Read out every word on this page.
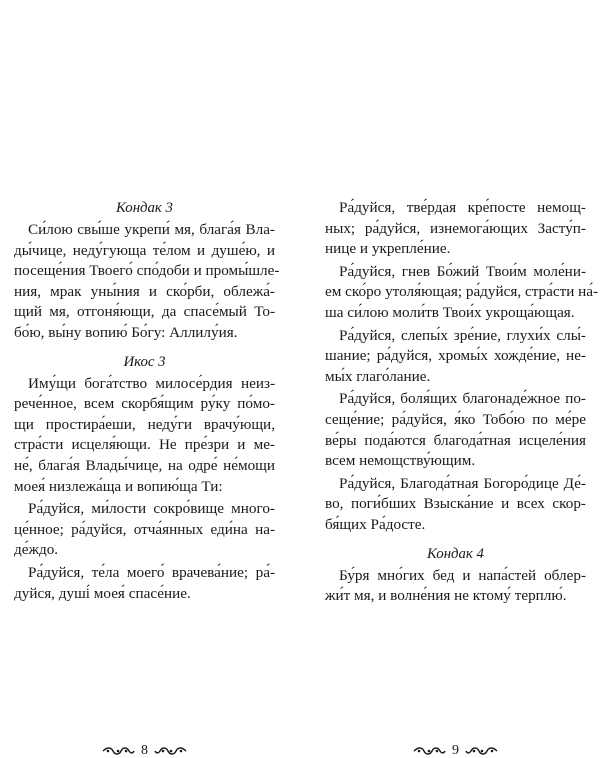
Кондак 3
Си́лою свы́ше укрепи́ мя, блага́я Вла-
ды́чице, неду́гующа те́лом и душе́ю, и
посеще́ния Твоего́ спо́доби и промы́шле-
ния, мрак уны́ния и ско́рби, облежа́-
щий мя, отгоня́ющи, да спасе́мый То-
бо́ю, вы́ну вопию́ Бо́гу: Аллилу́ия.
Икос 3
Иму́щи бога́тство милосе́рдия неиз-
рече́нное, всем скорбя́щим ру́ку по́мо-
щи простира́еши, неду́ги врачу́ющи,
стра́сти исцеля́ющи. Не пре́зри и ме-
не́, блага́я Влады́чице, на одре́ не́мощи
моея́ низлежа́ща и вопию́ща Ти:
Ра́дуйся, ми́лости сокро́вище много-
це́нное; ра́дуйся, отча́янных еди́на на-
де́ждо.
Ра́дуйся, те́ла моего́ врачева́ние; ра́-
дуйся, душі́ моея́ спасе́ние.
8
Ра́дуйся, тве́рдая кре́посте немощ-
ных; ра́дуйся, изнемога́ющих Засту́п-
нице и укрепле́ние.
Ра́дуйся, гнев Бо́жий Твои́м моле́ни-
ем ско́ро утоля́ющая; ра́дуйся, стра́сти на́-
ша си́лою моли́тв Твои́х укроща́ющая.
Ра́дуйся, слепы́х зре́ние, глухи́х слы́-
шание; ра́дуйся, хромы́х хожде́ние, не-
мы́х глаго́лание.
Ра́дуйся, боля́щих благонаде́жное по-
сеще́ние; ра́дуйся, я́ко Тобо́ю по ме́ре
ве́ры пода́ются благода́тная исцеле́ния
всем немощству́ющим.
Ра́дуйся, Благода́тная Богоро́дице Де́-
во, поги́бших Взыска́ние и всех скор-
бя́щих Ра́досте.
Кондак 4
Бу́ря мно́гих бед и напа́стей облер-
жи́т мя, и волне́ния не ктому́ терплю́.
9
